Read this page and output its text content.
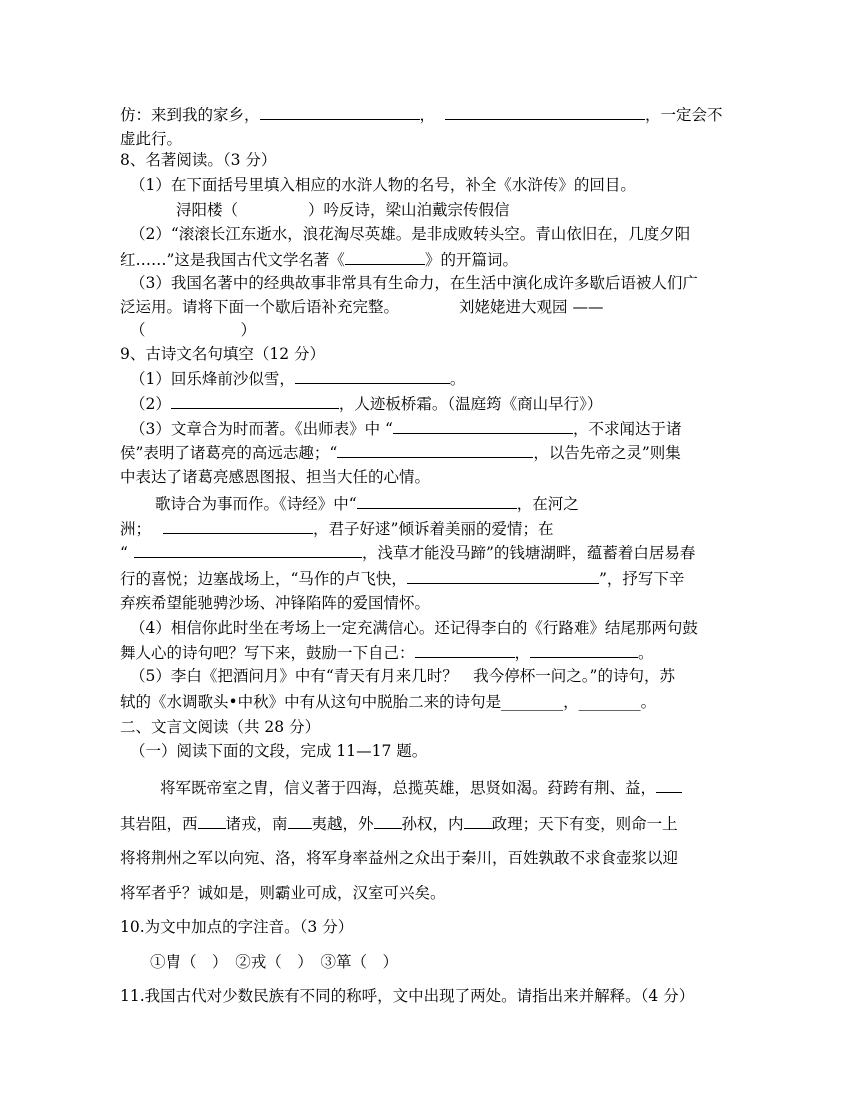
仿：来到我的家乡，	，	，一定会不
虚此行。
8、名著阅读。（3 分）
（1）在下面括号里填入相应的水浒人物的名号，补全《水浒传》的回目。
浔阳楼（	）吟反诗，梁山泊戴宗传假信
（2）“滚滚长江东逝水，浪花淘尽英雄。是非成败转头空。青山依旧在，几度夕阳
红……”这是我国古代文学名著《	》的开篇词。
（3）我国名著中的经典故事非常具有生命力，在生活中演化成许多歇后语被人们广
泛运用。请将下面一个歇后语补充完整。	刘姥姥进大观园 ——
（	）
9、古诗文名句填空（12 分）
（1）回乐烽前沙似雪，	。
（2）	，人迹板桥霜。（温庭筠《商山早行》）
（3）文章合为时而著。《出师表》中 “	，不求闻达于诸
侯”表明了诸葛亮的高远志趣；“	，以告先帝之灵”则集
中表达了诸葛亮感恩图报、担当大任的心情。
歌诗合为事而作。《诗经》中“	，在河之
洲；	，君子好逑”倾诉着美丽的爱情；在
“	，浅草才能没马蹄”的钱塘湖畔，蕴蓄着白居易春
行的喜悦；边塞战场上，“马作的卢飞快，	”，抒写下辛
弃疾希望能驰骋沙场、冲锋陷阵的爱国情怀。
（4）相信你此时坐在考场上一定充满信心。还记得李白的《行路难》结尾那两句鼓
舞人心的诗句吧？写下来，鼓励一下自己：	，	。
（5）李白《把酒问月》中有“青天有月来几时？　我今停杯一问之。”的诗句，苏
轼的《水调歌头•中秋》中有从这句中脱胎二来的诗句是________，________。
二、文言文阅读（共 28 分）
（一）阅读下面的文段，完成 11—17 题。
将军既帝室之胄，信义著于四海，总揽英雄，思贤如渴。荮跨有荆、益，
其岩阻，西 诸戎，南 夷越，外 孙权，内 政理；天下有变，则命一上
将将荆州之军以向宛、洛，将军身率益州之众出于秦川，百姓孰敢不求食壶浆以迎
将军者乎？诚如是，则霸业可成，汉室可兴矣。
10.为文中加点的字注音。（3 分）
①胄（　）　②戎（　）　③箪（　）
11.我国古代对少数民族有不同的称呼，文中出现了两处。请指出来并解释。（4 分）
